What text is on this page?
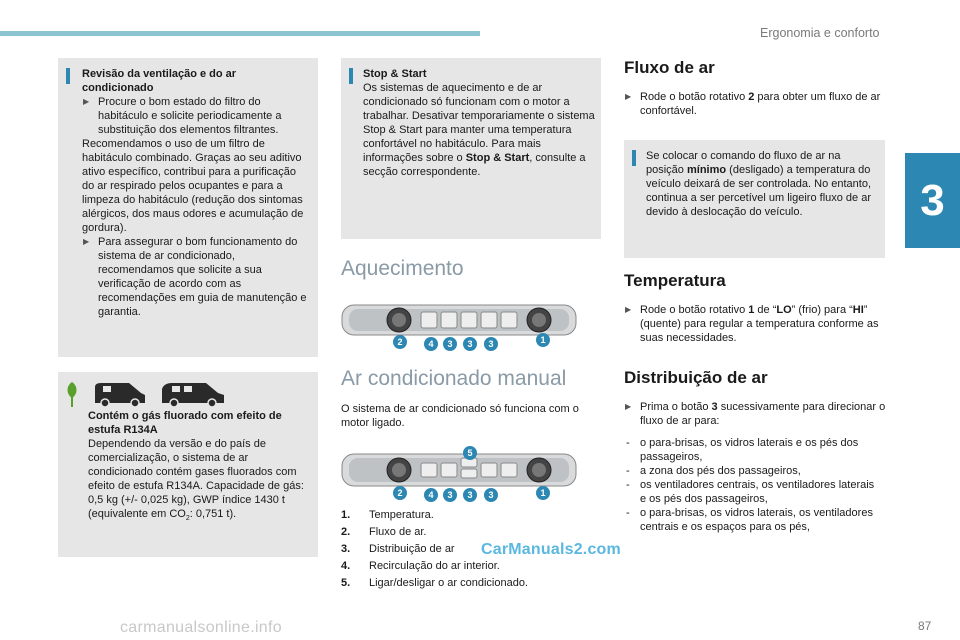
Ergonomia e conforto
3
Revisão da ventilação e do ar condicionado
▶ Procure o bom estado do filtro do habitáculo e solicite periodicamente a substituição dos elementos filtrantes.
Recomendamos o uso de um filtro de habitáculo combinado. Graças ao seu aditivo ativo específico, contribui para a purificação do ar respirado pelos ocupantes e para a limpeza do habitáculo (redução dos sintomas alérgicos, dos maus odores e acumulação de gordura).
▶ Para assegurar o bom funcionamento do sistema de ar condicionado, recomendamos que solicite a sua verificação de acordo com as recomendações em guia de manutenção e garantia.
Contém o gás fluorado com efeito de estufa R134A
Dependendo da versão e do país de comercialização, o sistema de ar condicionado contém gases fluorados com efeito de estufa R134A. Capacidade de gás: 0,5 kg (+/- 0,025 kg), GWP índice 1430 t (equivalente em $CO_2$: 0,751 t).
Stop & Start
Os sistemas de aquecimento e de ar condicionado só funcionam com o motor a trabalhar. Desativar temporariamente o sistema Stop & Start para manter uma temperatura confortável no habitáculo. Para mais informações sobre o Stop & Start, consulte a secção correspondente.
Aquecimento
2	4	3	3	3	1
Ar condicionado manual
O sistema de ar condicionado só funciona com o motor ligado.
5
2	4	3	3	3	1
1. Temperatura.
2. Fluxo de ar.
3. Distribuição de ar
4. Recirculação do ar interior.
5. Ligar/desligar o ar condicionado.
Fluxo de ar
▶ Rode o botão rotativo 2 para obter um fluxo de ar confortável.
Se colocar o comando do fluxo de ar na posição mínimo (desligado) a temperatura do veículo deixará de ser controlada. No entanto, continua a ser percetível um ligeiro fluxo de ar devido à deslocação do veículo.
Temperatura
▶ Rode o botão rotativo 1 de “LO” (frio) para “HI” (quente) para regular a temperatura conforme as suas necessidades.
Distribuição de ar
▶ Prima o botão 3 sucessivamente para direcionar o fluxo de ar para:
- o para-brisas, os vidros laterais e os pés dos passageiros,
- a zona dos pés dos passageiros,
- os ventiladores centrais, os ventiladores laterais e os pés dos passageiros,
- o para-brisas, os vidros laterais, os ventiladores centrais e os espaços para os pés,
CarManuals2.com
carmanualsonline.info	87
